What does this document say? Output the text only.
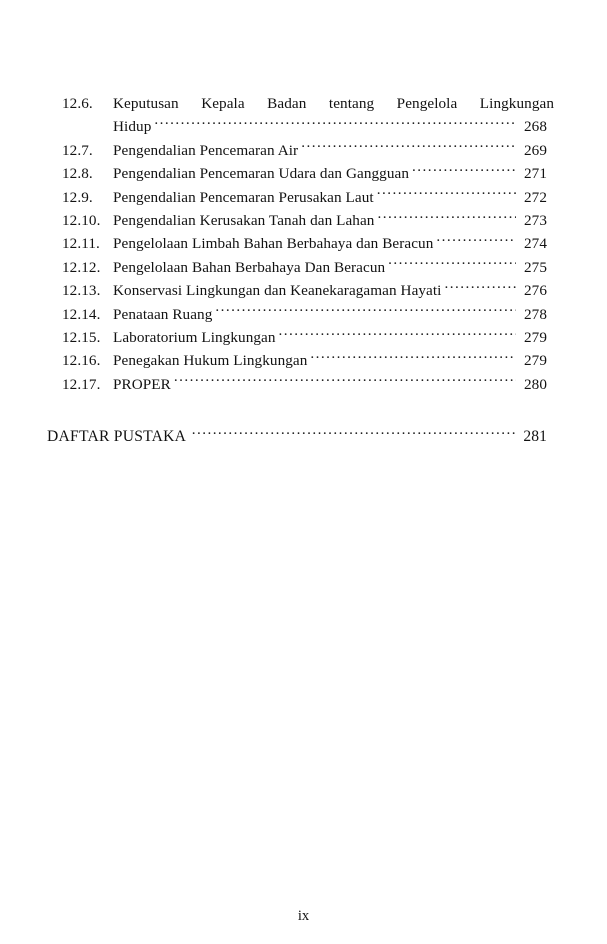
12.6.	Keputusan Kepala Badan tentang Pengelola Lingkungan
Hidup .....	268
12.7.	Pengendalian Pencemaran Air .....	269
12.8.	Pengendalian Pencemaran Udara dan Gangguan .....	271
12.9.	Pengendalian Pencemaran Perusakan Laut .....	272
12.10. Pengendalian Kerusakan Tanah dan Lahan .....	273
12.11. Pengelolaan Limbah Bahan Berbahaya dan Beracun .....	274
12.12. Pengelolaan Bahan Berbahaya Dan Beracun .....	275
12.13. Konservasi Lingkungan dan Keanekaragaman Hayati .....	276
12.14. Penataan Ruang .....	278
12.15. Laboratorium Lingkungan .....	279
12.16. Penegakan Hukum Lingkungan .....	279
12.17. PROPER .....	280
DAFTAR PUSTAKA .....	281
ix
